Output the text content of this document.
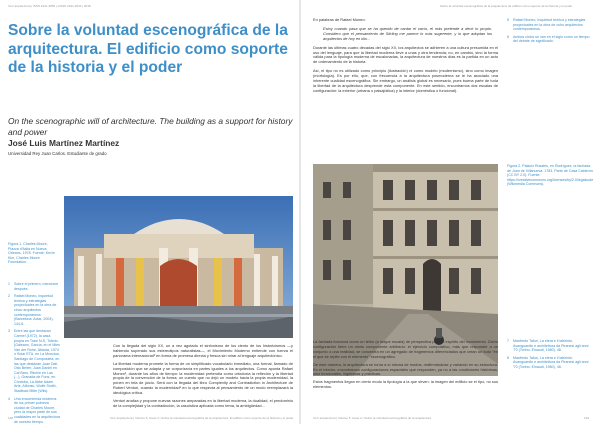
VLC arquitectura | ISSN 2341-3050 | eISSN 2341-2534 | 2018
Sobre la voluntad escenográfica de la arquitectura. El edificio como soporte de la historia y el poder
On the scenographic will of architecture. The building as a support for history and power
José Luis Martínez Martínez
Universidad Rey Juan Carlos. Estudiante de grado
Figura 1. Charles Moore, Piazza d'Italia en Nueva Orleans, 1978. Fuente: Kevin Kim; Charles Moore Foundation.
1	Sobre el primero, mencione después.
2	Rafael Moneo, inquietud teórica y estrategias proyectuales en la obra de cinco arquitectos contemporáneos (Barcelona: Actar, 2004), 144-8.
3	Entre las que destacan Carmel (1972), la casa propia en Trani N-S, Toledo (Galeano, García, en el Mies Van der Rohe, Atlanta, 1974 o Solar ETA, en La Moncloa, Santiago de Compostela, en las que destacan Juan Dalí, Otto Beiter, Juan Daniel en Cal Baro, Ritchie en Las (...), Granada de Fons, en Córdoba, La Abbe Adam Arte. Alfonso, Wolfe Smith, Stadtbad Mitte (Wils).
4	Una encomienda moderna de los primer pobreza ciudad de Charles Moore, pero la mayor parte de sus cualidades en la arquitectura de nuestro tiempo.

Con la llegada del siglo XX, un a vez agotado el sinfonismo de los ciento de los historicismos —y habiendo superado sus estereotipos naturalistas—, el Movimiento Moderno entiende con fuerza el panorama internacional³ en forma de promesa directa y fresca sin mirar al lenguaje arquitectónico.

La libertad moderna promete la forma de un simplificado vocabulario inmediato, una formal, llamado de composición que se adapta y se corporizaría en partes iguales a los arquitectos. Como apunta Rafael Moneo², durante los años de tiempo: la modernidad pretendía como ortodoxia la reflexión y la libertad propia de la convención de la forma; un cuento que no dejó un modelo hacia la propia modernidad, la ponen en tela de juicio. Será con la llegada del libro Complexity and Contradiction in Architecture de Robert Venturi, cuando la modernidad¹ en lo que respecta al pensamiento de un modo reemplazará la ideológica crítica.

Venturi analiza y propone nuevas razones amparadas en la libertad moderna, la dualidad, el predominio de la complejidad y la contradicción, la casuística aplicada como tema, la ambigüedad...

148	VLC arquitectura | Volume 5, Issue 2 | Sobre la voluntad escenográfica de la arquitectura. El edificio como soporte de la historia y el poder
Sobre la voluntad escenográfica de la arquitectura. El edificio como soporte de la historia y el poder

En palabras de Rafael Moneo:

Estoy cuando pasa que se ha querido de cantar el vacío, el más pretende a decir lo propio. Considero que el pensamiento de Stirling me parece lo más sugerente, y lo que adoptan los arquitectos de hoy en día...

Durante las últimas cuatro décadas del siglo XX, los arquitectos se adhieren a una cultura presumida en el uso del lenguaje, para que la libertad moderna lleve a unas y otra tendencia; no, en cambio, sino la forma válida para la tipología moderna de escalonadas, la arquitectura de nuestros días es la partida en un acto de ordenamiento de la historia.

Así, el tipo no es utilizado como principio (ilustración) ni como modelo (modernismo), sino como imagen (morfología). Es por ello, que, con frecuencia a la arquitectura posmoderna se le ha asociado una inherente cualidad escenográfica. Sin embargo, un análisis global es necesario, pues buena parte de toda la libertad de la arquitectura desprende esta componente. En este sentido, encontramos dos escalas de configuración: la exterior (urbana o paisajística) y la interior (doméstica o funcional).

5	Rafael Moneo, Inquietud teórica y estrategias proyectuales en la obra de ocho arquitectos contemporáneos.
6	Ambos ciclos se van en el siglo como un tiempo del debate de significado.
Figura 2. Palacio Rosales, en Rodríguez, la fachada de Juan de Villanueva, 1783. Parte de Casa Calderón (CC BY 2.0). Fuente: https://creativecommons.org/licenses/by/2.0/legalcode (Wikimedia Commons).

La fachada funciona como un telón (a mayor escala) de perspectiva para el espíritu del movimiento. Dicho configuración tiene un cierto componente arbitrario: el ejercicio compositivo, más que responder a un conjunto o una realidad, se concentra en un agregado de fragmentos diferenciados que crean un todo "en el que se repite con el elemento" escenográfico.

De este manera, la arquitectura se torna a sí misma de modos, reafirmándose y variando en su estructura. En el interior, encontramos configuraciones espaciales que responden, ya no a las condiciones históricas, sino funcionales, higiénicas y prácticas.

Estos fragmentos llegan en cierto modo la tipología a la que sirven: la imagen del edificio se el tipo, no sus elementos.

7	Manfredo Tafuri, La sfera e il labirinto. Avanguardie e architettura da Piranesi agli anni '70 (Torino: Einaudi, 1980), 46.
8	Manfredo Tafuri, La sfera e il labirinto. Avanguardie e architettura da Piranesi agli anni '70 (Torino: Einaudi, 1980), 46.
VLC arquitectura | Volume 5, Issue 2 | Sobre la voluntad escenográfica de la arquitectura	149
